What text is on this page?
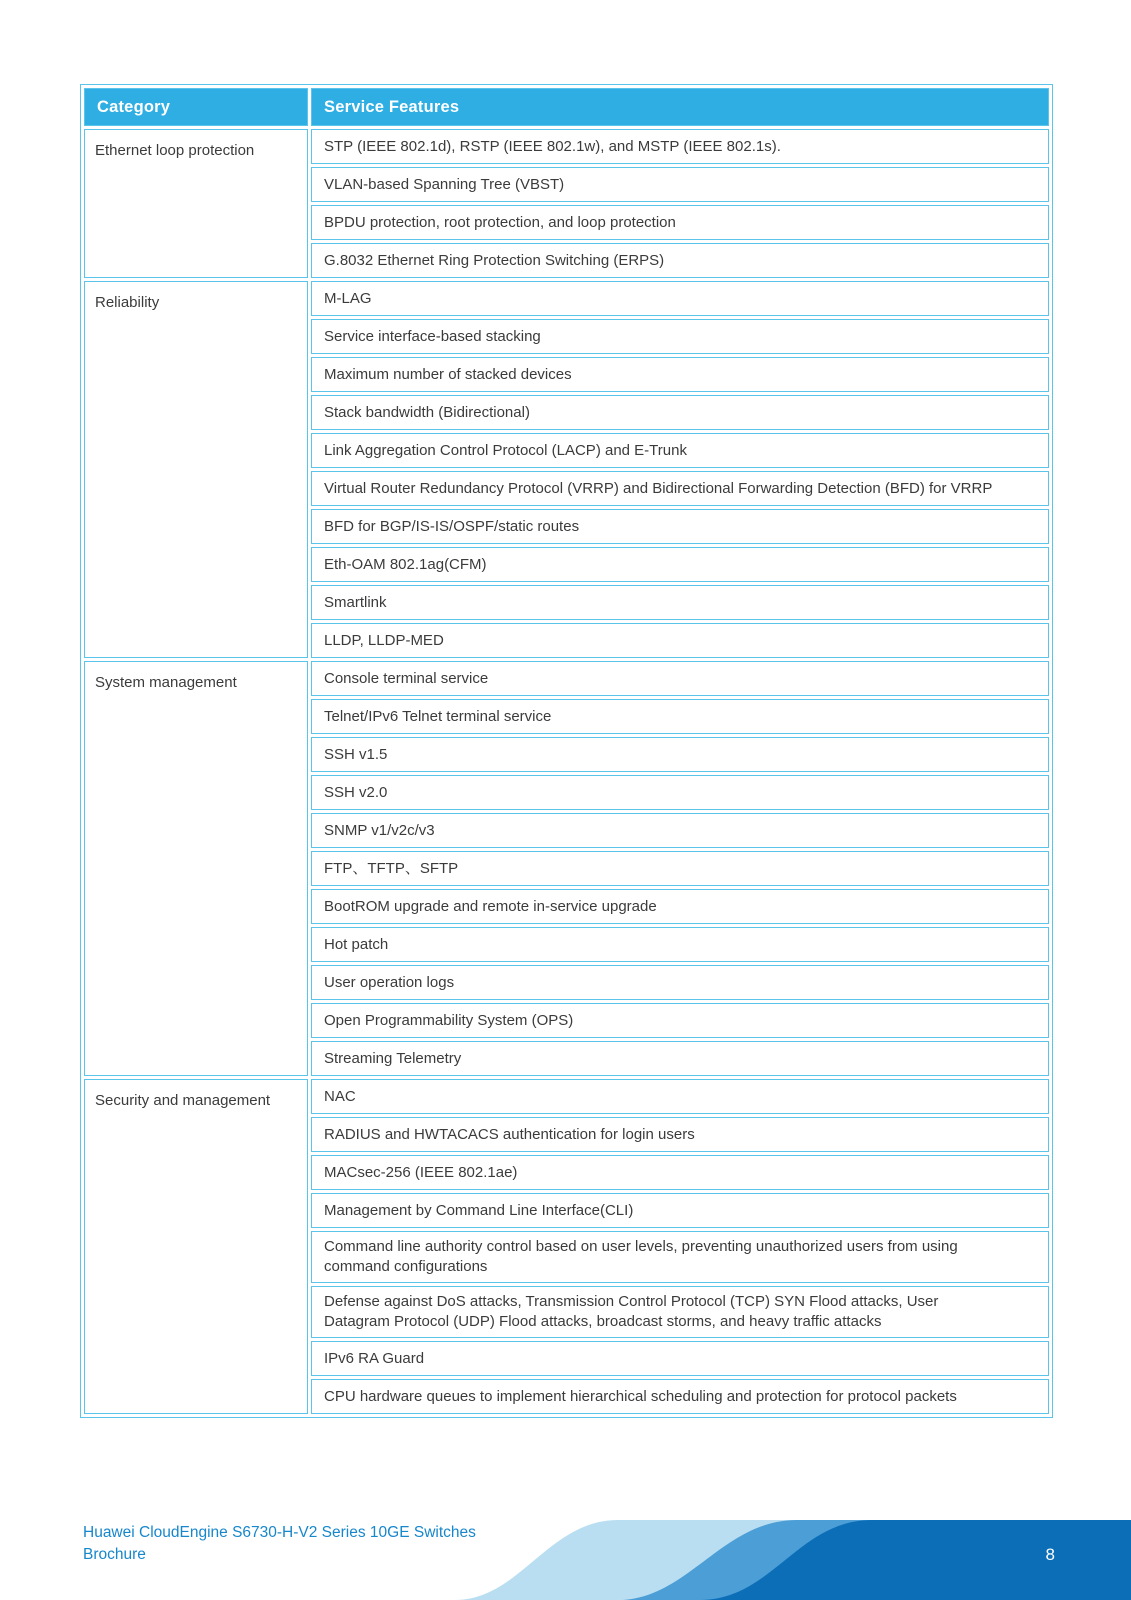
Category	Service Features
Ethernet loop protection	STP (IEEE 802.1d), RSTP (IEEE 802.1w), and MSTP (IEEE 802.1s).
	VLAN-based Spanning Tree (VBST)
	BPDU protection, root protection, and loop protection
	G.8032 Ethernet Ring Protection Switching (ERPS)
Reliability	M-LAG
	Service interface-based stacking
	Maximum number of stacked devices
	Stack bandwidth (Bidirectional)
	Link Aggregation Control Protocol (LACP) and E-Trunk
	Virtual Router Redundancy Protocol (VRRP) and Bidirectional Forwarding Detection (BFD) for VRRP
	BFD for BGP/IS-IS/OSPF/static routes
	Eth-OAM 802.1ag(CFM)
	Smartlink
	LLDP, LLDP-MED
System management	Console terminal service
	Telnet/IPv6 Telnet terminal service
	SSH v1.5
	SSH v2.0
	SNMP v1/v2c/v3
	FTP、TFTP、SFTP
	BootROM upgrade and remote in-service upgrade
	Hot patch
	User operation logs
	Open Programmability System (OPS)
	Streaming Telemetry
Security and management	NAC
	RADIUS and HWTACACS authentication for login users
	MACsec-256 (IEEE 802.1ae)
	Management by Command Line Interface(CLI)
	Command line authority control based on user levels, preventing unauthorized users from using command configurations
	Defense against DoS attacks, Transmission Control Protocol (TCP) SYN Flood attacks, User Datagram Protocol (UDP) Flood attacks, broadcast storms, and heavy traffic attacks
	IPv6 RA Guard
	CPU hardware queues to implement hierarchical scheduling and protection for protocol packets
Huawei CloudEngine S6730-H-V2 Series 10GE Switches
Brochure	8
